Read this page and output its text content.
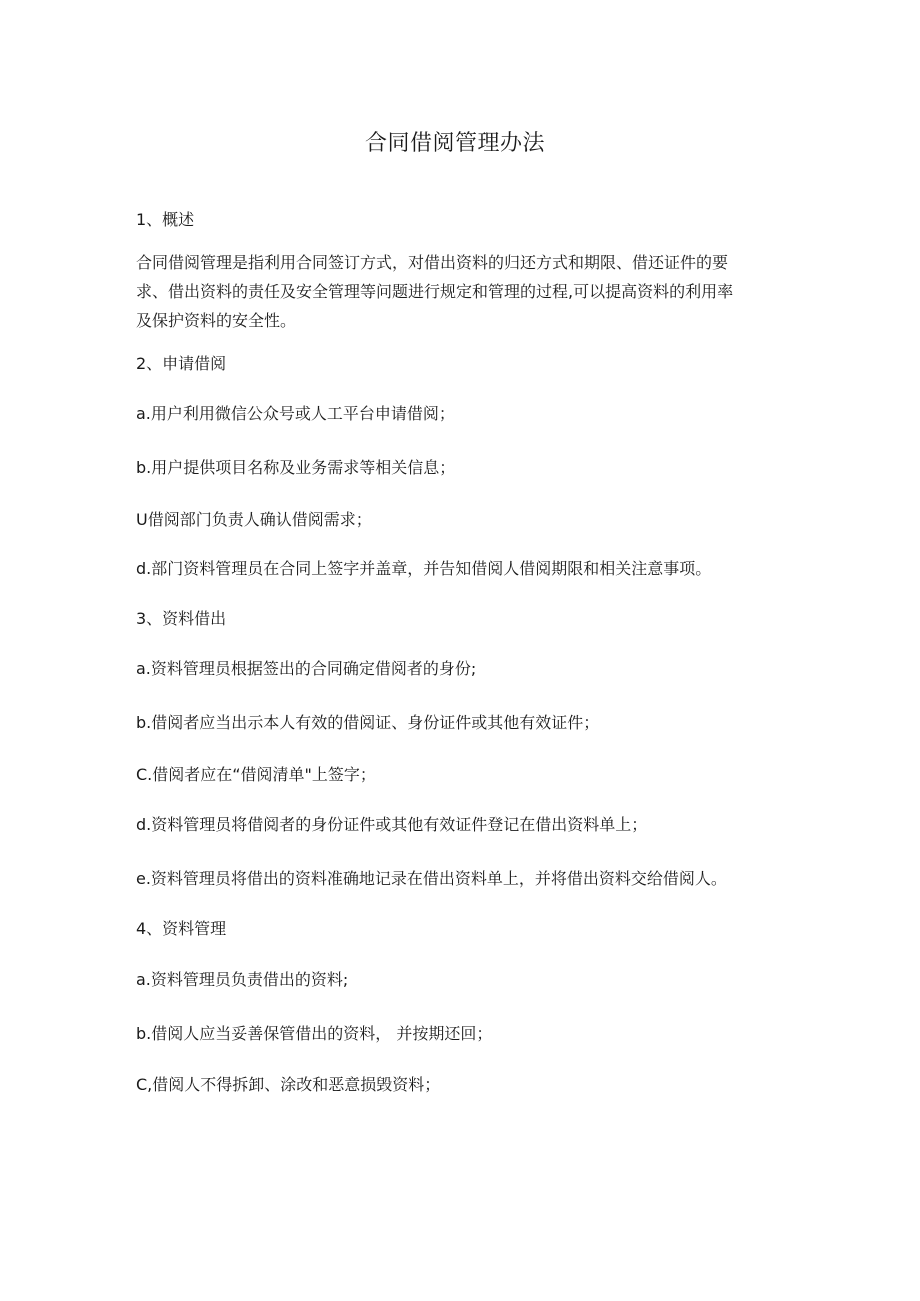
合同借阅管理办法
1、概述
合同借阅管理是指利用合同签订方式，对借出资料的归还方式和期限、借还证件的要
求、借出资料的责任及安全管理等问题进行规定和管理的过程,可以提高资料的利用率
及保护资料的安全性。
2、申请借阅
a.用户利用微信公众号或人工平台申请借阅；
b.用户提供项目名称及业务需求等相关信息；
U借阅部门负责人确认借阅需求；
d.部门资料管理员在合同上签字并盖章，并告知借阅人借阅期限和相关注意事项。
3、资料借出
a.资料管理员根据签出的合同确定借阅者的身份;
b.借阅者应当出示本人有效的借阅证、身份证件或其他有效证件；
C.借阅者应在“借阅清单"上签字；
d.资料管理员将借阅者的身份证件或其他有效证件登记在借出资料单上；
e.资料管理员将借出的资料准确地记录在借出资料单上，并将借出资料交给借阅人。
4、资料管理
a.资料管理员负责借出的资料;
b.借阅人应当妥善保管借出的资料， 并按期还回；
C,借阅人不得拆卸、涂改和恶意损毁资料；
